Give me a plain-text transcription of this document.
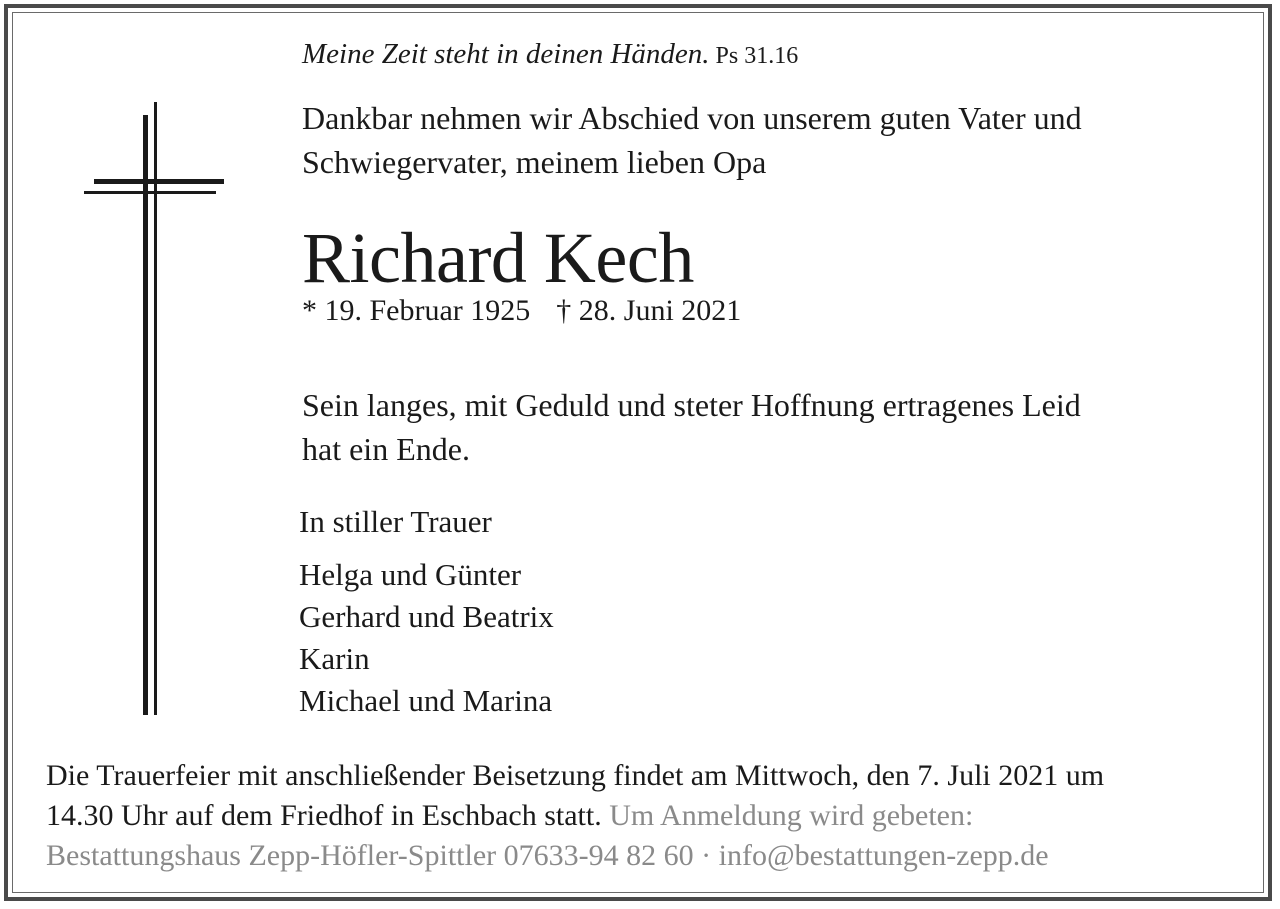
Meine Zeit steht in deinen Händen. Ps 31.16
Dankbar nehmen wir Abschied von unserem guten Vater und
Schwiegervater, meinem lieben Opa
Richard Kech
* 19. Februar 1925 † 28. Juni 2021
Sein langes, mit Geduld und steter Hoffnung ertragenes Leid
hat ein Ende.
In stiller Trauer
Helga und Günter
Gerhard und Beatrix
Karin
Michael und Marina
Die Trauerfeier mit anschließender Beisetzung findet am Mittwoch, den 7. Juli 2021 um
14.30 Uhr auf dem Friedhof in Eschbach statt. Um Anmeldung wird gebeten:
Bestattungshaus Zepp-Höfler-Spittler 07633-94 82 60 · info@bestattungen-zepp.de
